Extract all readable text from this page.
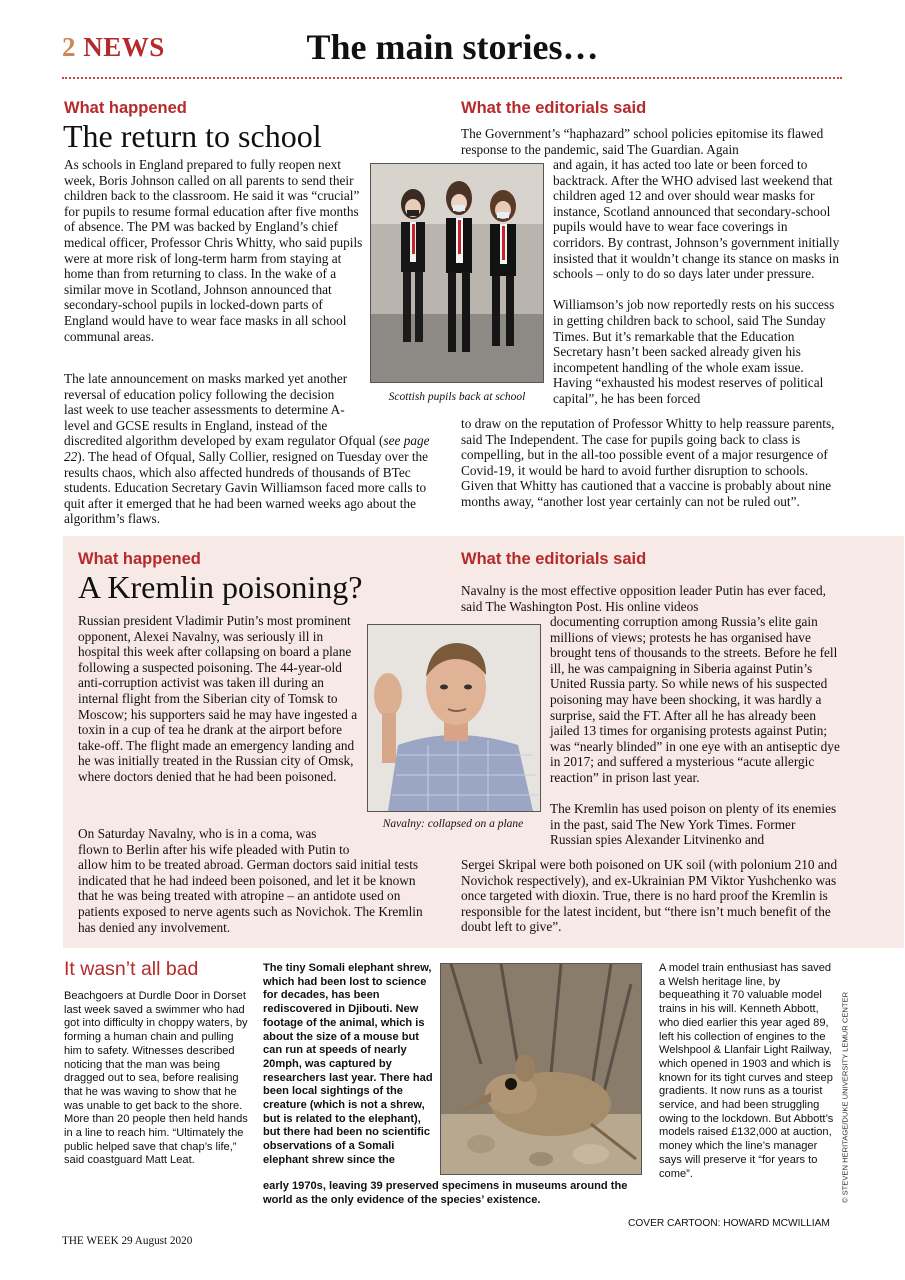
2 NEWS	The main stories…
What happened
The return to school

As schools in England prepared to fully reopen next week, Boris Johnson called on all parents to send their children back to the classroom. He said it was “crucial” for pupils to resume formal education after five months of absence. The PM was backed by England’s chief medical officer, Professor Chris Whitty, who said pupils were at more risk of long-term harm from staying at home than from returning to class. In the wake of a similar move in Scotland, Johnson announced that secondary-school pupils in locked-down parts of England would have to wear face masks in all school communal areas.

The late announcement on masks marked yet another reversal of education policy following the decision last week to use teacher assessments to determine A-level and GCSE results in England, instead of the discredited algorithm developed by exam regulator Ofqual (see page 22). The head of Ofqual, Sally Collier, resigned on Tuesday over the results chaos, which also affected hundreds of thousands of BTec students. Education Secretary Gavin Williamson faced more calls to quit after it emerged that he had been warned weeks ago about the algorithm’s flaws.
Scottish pupils back at school
What the editorials said
The Government’s “haphazard” school policies epitomise its flawed response to the pandemic, said The Guardian. Again

and again, it has acted too late or been forced to backtrack. After the WHO advised last weekend that children aged 12 and over should wear masks for instance, Scotland announced that secondary-school pupils would have to wear face coverings in corridors. By contrast, Johnson’s government initially insisted that it wouldn’t change its stance on masks in schools – only to do so days later under pressure.

Williamson’s job now reportedly rests on his success in getting children back to school, said The Sunday Times. But it’s remarkable that the Education Secretary hasn’t been sacked already given his incompetent handling of the whole exam issue. Having “exhausted his modest reserves of political capital”, he has been forced

to draw on the reputation of Professor Whitty to help reassure parents, said The Independent. The case for pupils going back to class is compelling, but in the all-too possible event of a major resurgence of Covid-19, it would be hard to avoid further disruption to schools. Given that Whitty has cautioned that a vaccine is probably about nine months away, “another lost year certainly can not be ruled out”.
What happened
A Kremlin poisoning?
Russian president Vladimir Putin’s most prominent opponent, Alexei Navalny, was seriously ill in hospital this week after collapsing on board a plane following a suspected poisoning. The 44-year-old anti-corruption activist was taken ill during an internal flight from the Siberian city of Tomsk to Moscow; his supporters said he may have ingested a toxin in a cup of tea he drank at the airport before take-off. The flight made an emergency landing and he was initially treated in the Russian city of Omsk, where doctors denied that he had been poisoned.
On Saturday Navalny, who is in a coma, was flown to Berlin after his wife pleaded with Putin to allow him to be treated abroad. German doctors said initial tests indicated that he had indeed been poisoned, and let it be known that he was being treated with atropine – an antidote used on patients exposed to nerve agents such as Novichok. The Kremlin has denied any involvement.
Navalny: collapsed on a plane
What the editorials said
Navalny is the most effective opposition leader Putin has ever faced, said The Washington Post. His online videos

documenting corruption among Russia’s elite gain millions of views; protests he has organised have brought tens of thousands to the streets. Before he fell ill, he was campaigning in Siberia against Putin’s United Russia party. So while news of his suspected poisoning may have been shocking, it was hardly a surprise, said the FT. After all he has already been jailed 13 times for organising protests against Putin; was “nearly blinded” in one eye with an antiseptic dye in 2017; and suffered a mysterious “acute allergic reaction” in prison last year.

The Kremlin has used poison on plenty of its enemies in the past, said The New York Times. Former Russian spies Alexander Litvinenko and

Sergei Skripal were both poisoned on UK soil (with polonium 210 and Novichok respectively), and ex-Ukrainian PM Viktor Yushchenko was once targeted with dioxin. True, there is no hard proof the Kremlin is responsible for the latest incident, but “there isn’t much benefit of the doubt left to give”.
It wasn’t all bad
Beachgoers at Durdle Door in Dorset last week saved a swimmer who had got into difficulty in choppy waters, by forming a human chain and pulling him to safety. Witnesses described noticing that the man was being dragged out to sea, before realising that he was waving to show that he was unable to get back to the shore. More than 20 people then held hands in a line to reach him. “Ultimately the public helped save that chap’s life,” said coastguard Matt Leat.
The tiny Somali elephant shrew, which had been lost to science for decades, has been rediscovered in Djibouti. New footage of the animal, which is about the size of a mouse but can run at speeds of nearly 20mph, was captured by researchers last year. There had been local sightings of the creature (which is not a shrew, but is related to the elephant), but there had been no scientific observations of a Somali elephant shrew since the
early 1970s, leaving 39 preserved specimens in museums around the world as the only evidence of the species’ existence.
A model train enthusiast has saved a Welsh heritage line, by bequeathing it 70 valuable model trains in his will. Kenneth Abbott, who died earlier this year aged 89, left his collection of engines to the Welshpool & Llanfair Light Railway, which opened in 1903 and which is known for its tight curves and steep gradients. It now runs as a tourist service, and had been struggling owing to the lockdown. But Abbott’s models raised £132,000 at auction, money which the line’s manager says will preserve it “for years to come”.	© STEVEN HERITAGE/DUKE UNIVERSITY LEMUR CENTER
COVER CARTOON: HOWARD MCWILLIAM
THE WEEK 29 August 2020
